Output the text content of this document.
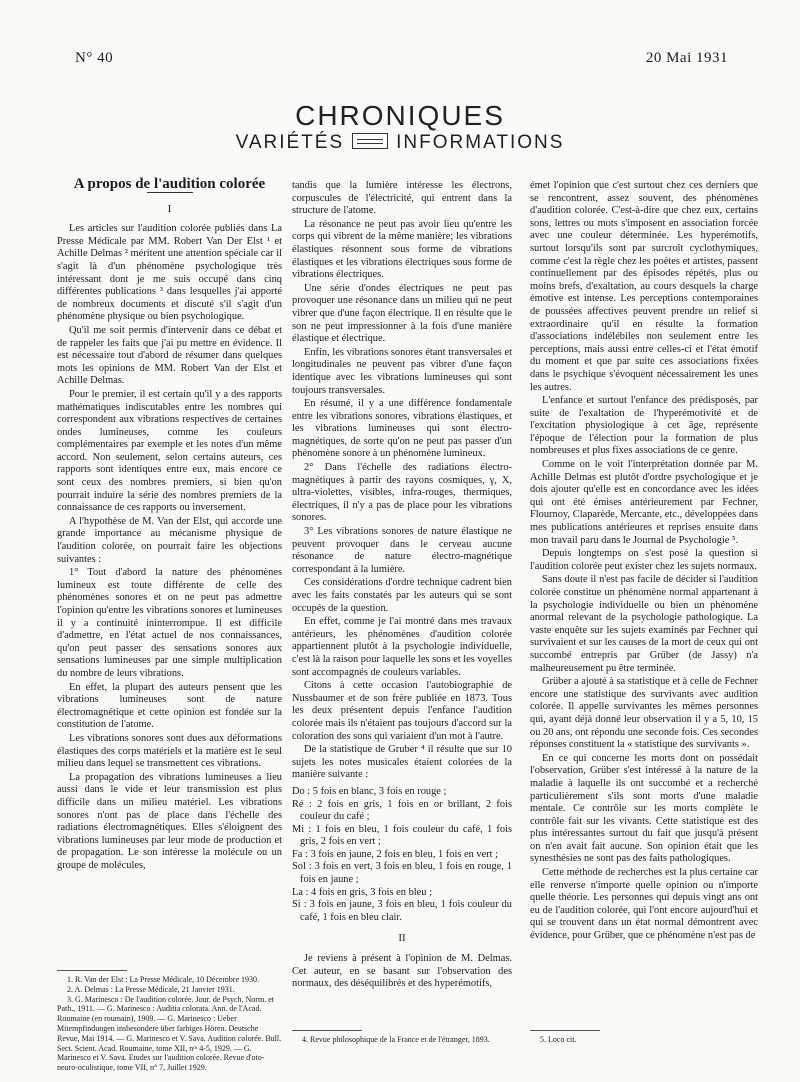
N° 40	20 Mai 1931
CHRONIQUES
VARIÉTÉS	INFORMATIONS

A propos de l'audition colorée

I

Les articles sur l'audition colorée publiés dans La Presse Médicale par MM. Robert Van Der Elst ¹ et Achille Delmas ² méritent une attention spéciale car il s'agit là d'un phénomène psychologique très intéressant dont je me suis occupé dans cinq différentes publications ³ dans lesquelles j'ai apporté de nombreux documents et discuté s'il s'agit d'un phénomène physique ou bien psychologique.

Qu'il me soit permis d'intervenir dans ce débat et de rappeler les faits que j'ai pu mettre en évidence. Il est nécessaire tout d'abord de résumer dans quelques mots les opinions de MM. Robert Van der Elst et Achille Delmas.

Pour le premier, il est certain qu'il y a des rapports mathématiques indiscutables entre les nombres qui correspondent aux vibrations respectives de certaines ondes lumineuses, comme les couleurs complémentaires par exemple et les notes d'un même accord. Non seulement, selon certains auteurs, ces rapports sont identiques entre eux, mais encore ce sont ceux des nombres premiers, si bien qu'on pourrait induire la série des nombres premiers de la connaissance de ces rapports ou inversement.

A l'hypothèse de M. Van der Elst, qui accorde une grande importance au mécanisme physique de l'audition colorée, on pourrait faire les objections suivantes :

1° Tout d'abord la nature des phénomènes lumineux est toute différente de celle des phénomènes sonores et on ne peut pas admettre l'opinion qu'entre les vibrations sonores et lumineuses il y a continuité ininterrompue. Il est difficile d'admettre, en l'état actuel de nos connaissances, qu'on peut passer des sensations sonores aux sensations lumineuses par une simple multiplication du nombre de leurs vibrations.

En effet, la plupart des auteurs pensent que les vibrations lumineuses sont de nature électromagnétique et cette opinion est fondée sur la constitution de l'atome.

Les vibrations sonores sont dues aux déformations élastiques des corps matériels et la matière est le seul milieu dans lequel se transmettent ces vibrations.

La propagation des vibrations lumineuses a lieu aussi dans le vide et leur transmission est plus difficile dans un milieu matériel. Les vibrations sonores n'ont pas de place dans l'échelle des radiations électromagnétiques. Elles s'éloignent des vibrations lumineuses par leur mode de production et de propagation. Le son intéresse la molécule ou un groupe de molécules,

tandis que la lumière intéresse les électrons, corpuscules de l'électricité, qui entrent dans la structure de l'atome.

La résonance ne peut pas avoir lieu qu'entre les corps qui vibrent de la même manière; les vibrations élastiques résonnent sous forme de vibrations élastiques et les vibrations électriques sous forme de vibrations électriques.

Une série d'ondes électriques ne peut pas provoquer une résonance dans un milieu qui ne peut vibrer que d'une façon électrique. Il en résulte que le son ne peut impressionner à la fois d'une manière élastique et électrique.

Enfin, les vibrations sonores étant transversales et longitudinales ne peuvent pas vibrer d'une façon identique avec les vibrations lumineuses qui sont toujours transversales.

En résumé, il y a une différence fondamentale entre les vibrations sonores, vibrations élastiques, et les vibrations lumineuses qui sont électro-magnétiques, de sorte qu'on ne peut pas passer d'un phénomène sonore à un phénomène lumineux.

2° Dans l'échelle des radiations électro-magnétiques à partir des rayons cosmiques, γ, X, ultra-violettes, visibles, infra-rouges, thermiques, électriques, il n'y a pas de place pour les vibrations sonores.

3° Les vibrations sonores de nature élastique ne peuvent provoquer dans le cerveau aucune résonance de nature électro-magnétique correspondant à la lumière.

Ces considérations d'ordre technique cadrent bien avec les faits constatés par les auteurs qui se sont occupés de la question.

En effet, comme je l'ai montré dans mes travaux antérieurs, les phénomènes d'audition colorée appartiennent plutôt à la psychologie individuelle, c'est là la raison pour laquelle les sons et les voyelles sont accompagnés de couleurs variables.

Citons à cette occasion l'autobiographie de Nussbaumer et de son frère publiée en 1873. Tous les deux présentent depuis l'enfance l'audition colorée mais ils n'étaient pas toujours d'accord sur la coloration des sons qui variaient d'un mot à l'autre.

De la statistique de Gruber ⁴ il résulte que sur 10 sujets les notes musicales étaient colorées de la manière suivante :

Do : 5 fois en blanc, 3 fois en rouge ;
Ré : 2 fois en gris, 1 fois en or brillant, 2 fois couleur du café ;
Mi : 1 fois en bleu, 1 fois couleur du café, 1 fois gris, 2 fois en vert ;
Fa : 3 fois en jaune, 2 fois en bleu, 1 fois en vert ;
Sol : 3 fois en vert, 3 fois en bleu, 1 fois en rouge, 1 fois en jaune ;
La : 4 fois en gris, 3 fois en bleu ;
Si : 3 fois en jaune, 3 fois en bleu, 1 fois couleur du café, 1 fois en bleu clair.

II

Je reviens à présent à l'opinion de M. Delmas. Cet auteur, en se basant sur l'observation des normaux, des déséquilibrés et des hyperémotifs,

émet l'opinion que c'est surtout chez ces derniers que se rencontrent, assez souvent, des phénomènes d'audition colorée. C'est-à-dire que chez eux, certains sons, lettres ou mots s'imposent en association forcée avec une couleur déterminée. Les hyperémotifs, surtout lorsqu'ils sont par surcroît cyclothymiques, comme c'est la règle chez les poètes et artistes, passent continuellement par des épisodes répétés, plus ou moins brefs, d'exaltation, au cours desquels la charge émotive est intense. Les perceptions contemporaines de poussées affectives peuvent prendre un relief si extraordinaire qu'il en résulte la formation d'associations indélébiles non seulement entre les perceptions, mais aussi entre celles-ci et l'état émotif du moment et que par suite ces associations fixées dans le psychique s'évoquent nécessairement les unes les autres.

L'enfance et surtout l'enfance des prédisposés, par suite de l'exaltation de l'hyperémotivité et de l'excitation physiologique à cet âge, représente l'époque de l'élection pour la formation de plus nombreuses et plus fixes associations de ce genre.

Comme on le voit l'interprétation donnée par M. Achille Delmas est plutôt d'ordre psychologique et je dois ajouter qu'elle est en concordance avec les idées qui ont été émises antérieurement par Fechner, Flournoy, Claparède, Mercante, etc., développées dans mes publications antérieures et reprises ensuite dans mon travail paru dans le Journal de Psychologie ⁵.

Depuis longtemps on s'est posé la question si l'audition colorée peut exister chez les sujets normaux.

Sans doute il n'est pas facile de décider si l'audition colorée constitue un phénomène normal appartenant à la psychologie individuelle ou bien un phénomène anormal relevant de la psychologie pathologique. La vaste enquête sur les sujets examinés par Fechner qui survivaient et sur les causes de la mort de ceux qui ont succombé entrepris par Grüber (de Jassy) n'a malheureusement pu être terminée.

Grüber a ajouté à sa statistique et à celle de Fechner encore une statistique des survivants avec audition colorée. Il appelle survivantes les mêmes personnes qui, ayant déjà donné leur observation il y a 5, 10, 15 ou 20 ans, ont répondu une seconde fois. Ces secondes réponses constituent la « statistique des survivants ».

En ce qui concerne les morts dont on possédait l'observation, Grüber s'est intéressé à la nature de la maladie à laquelle ils ont succombé et a recherché particulièrement s'ils sont morts d'une maladie mentale. Ce contrôle sur les morts complète le contrôle fait sur les vivants. Cette statistique est des plus intéressantes surtout du fait que jusqu'à présent on n'en avait fait aucune. Son opinion était que les synesthésies ne sont pas des faits pathologiques.

Cette méthode de recherches est la plus certaine car elle renverse n'importe quelle opinion ou n'importe quelle théorie. Les personnes qui depuis vingt ans ont eu de l'audition colorée, qui l'ont encore aujourd'hui et qui se trouvent dans un état normal démontrent avec évidence, pour Grüber, que ce phénomène n'est pas de

1. R. Van der Elst : La Presse Médicale, 10 Décembre 1930.

2. A. Delmas : La Presse Médicale, 21 Janvier 1931.

3. G. Marinesco : De l'audition colorée. Jour. de Psych. Norm. et Path., 1911. — G. Marinesco : Auditia colorata. Ann. de l'Acad. Roumaine (en roumain), 1909. — G. Marinesco : Ueber Mitempfindungen insbesondere über farbiges Hören. Deutsche Revue, Mai 1914. — G. Marinesco et V. Sava. Audition colorée. Bull. Sect. Scient. Acad. Roumaine, tome XII, nᵒˢ 4-5, 1929. — G. Marinesco et V. Sava. Etudes sur l'audition colorée. Revue d'oto-neuro-oculistique, tome VII, n° 7, Juillet 1929.

4. Revue philosophique de la France et de l'étranger, 1893.	5. Loco cit.
